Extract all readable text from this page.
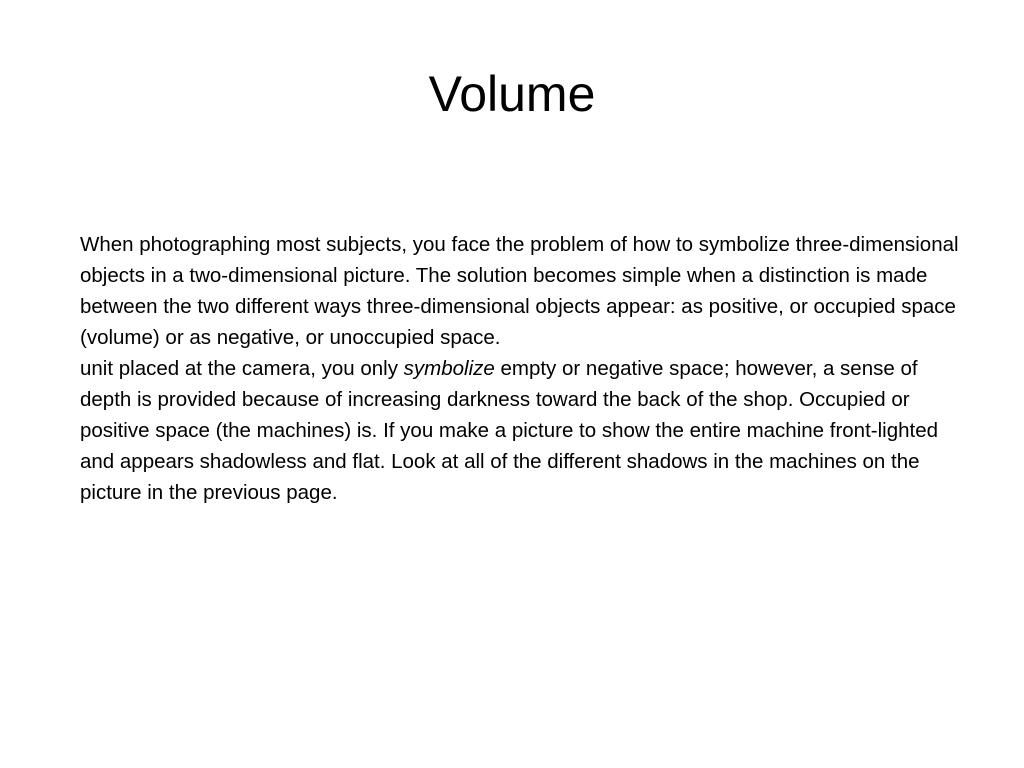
Volume

When photographing most subjects, you face the problem of how to symbolize three-dimensional objects in a two-dimensional picture. The solution becomes simple when a distinction is made between the two different ways three-dimensional objects appear: as positive, or occupied space (volume) or as negative, or unoccupied space.

unit placed at the camera, you only symbolize empty or negative space; however, a sense of depth is provided because of increasing darkness toward the back of the shop. Occupied or positive space (the machines) is. If you make a picture to show the entire machine front-lighted and appears shadowless and flat. Look at all of the different shadows in the machines on the picture in the previous page.
